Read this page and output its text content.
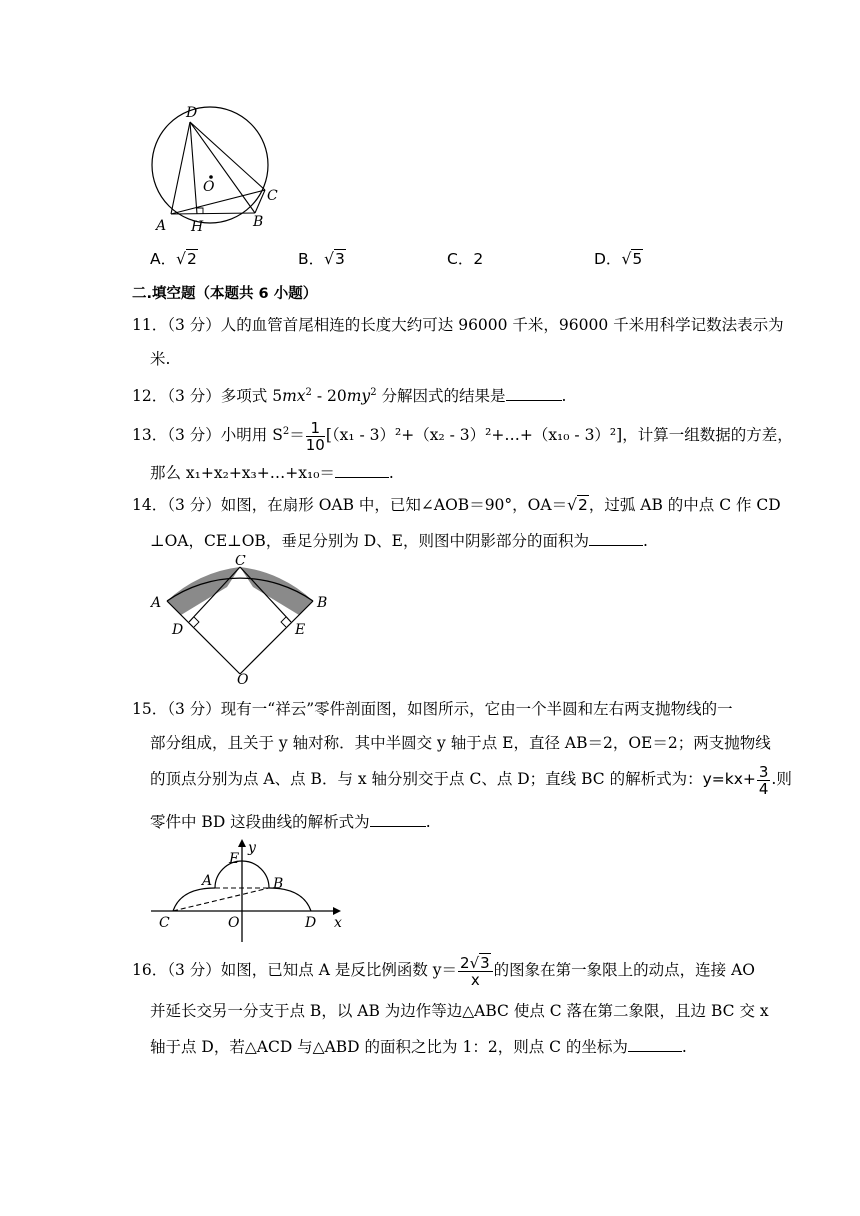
D
O
C
A H	B
A．√2	B．√3	C．2	D．√5
二.填空题（本题共 6 小题）
11．（3 分）人的血管首尾相连的长度大约可达 96000 千米，96000 千米用科学记数法表示为
米.
12．（3 分）多项式 $5mx^2 - 20my^2$ 分解因式的结果是	.
13．（3 分）小明用 $S^2= \frac{1}{10} [(x_1 - 3)^2+(x_2$ - 3）²+…+（x₁₀ - 3）²]，计算一组数据的方差，
那么 x₁+x₂+x₃+…+x₁₀＝	.
14．（3 分）如图，在扇形 OAB 中，已知∠AOB＝90°，OA＝√2，过弧 AB 的中点 C 作 CD
⊥OA，CE⊥OB，垂足分别为 D、E，则图中阴影部分的面积为	.
C
A	B
D	E
O
15．（3 分）现有一“祥云”零件剖面图，如图所示，它由一个半圆和左右两支抛物线的一
部分组成，且关于 y 轴对称．其中半圆交 y 轴于点 E，直径 AB＝2，OE＝2；两支抛物线
的顶点分别为点 A、点 B．与 x 轴分别交于点 C、点 D；直线 BC 的解析式为：$y=kx+ \frac{3}{4}$ .则
零件中 BD 这段曲线的解析式为	.
y
E
A	B
C	O	D x
16．（3 分）如图，已知点 A 是反比例函数 $y= \frac{2√3}{x}$ 的图象在第一象限上的动点，连接 AO
并延长交另一分支于点 B，以 AB 为边作等边△ABC 使点 C 落在第二象限，且边 BC 交 x
轴于点 D，若△ACD 与△ABD 的面积之比为 1：2，则点 C 的坐标为	.
